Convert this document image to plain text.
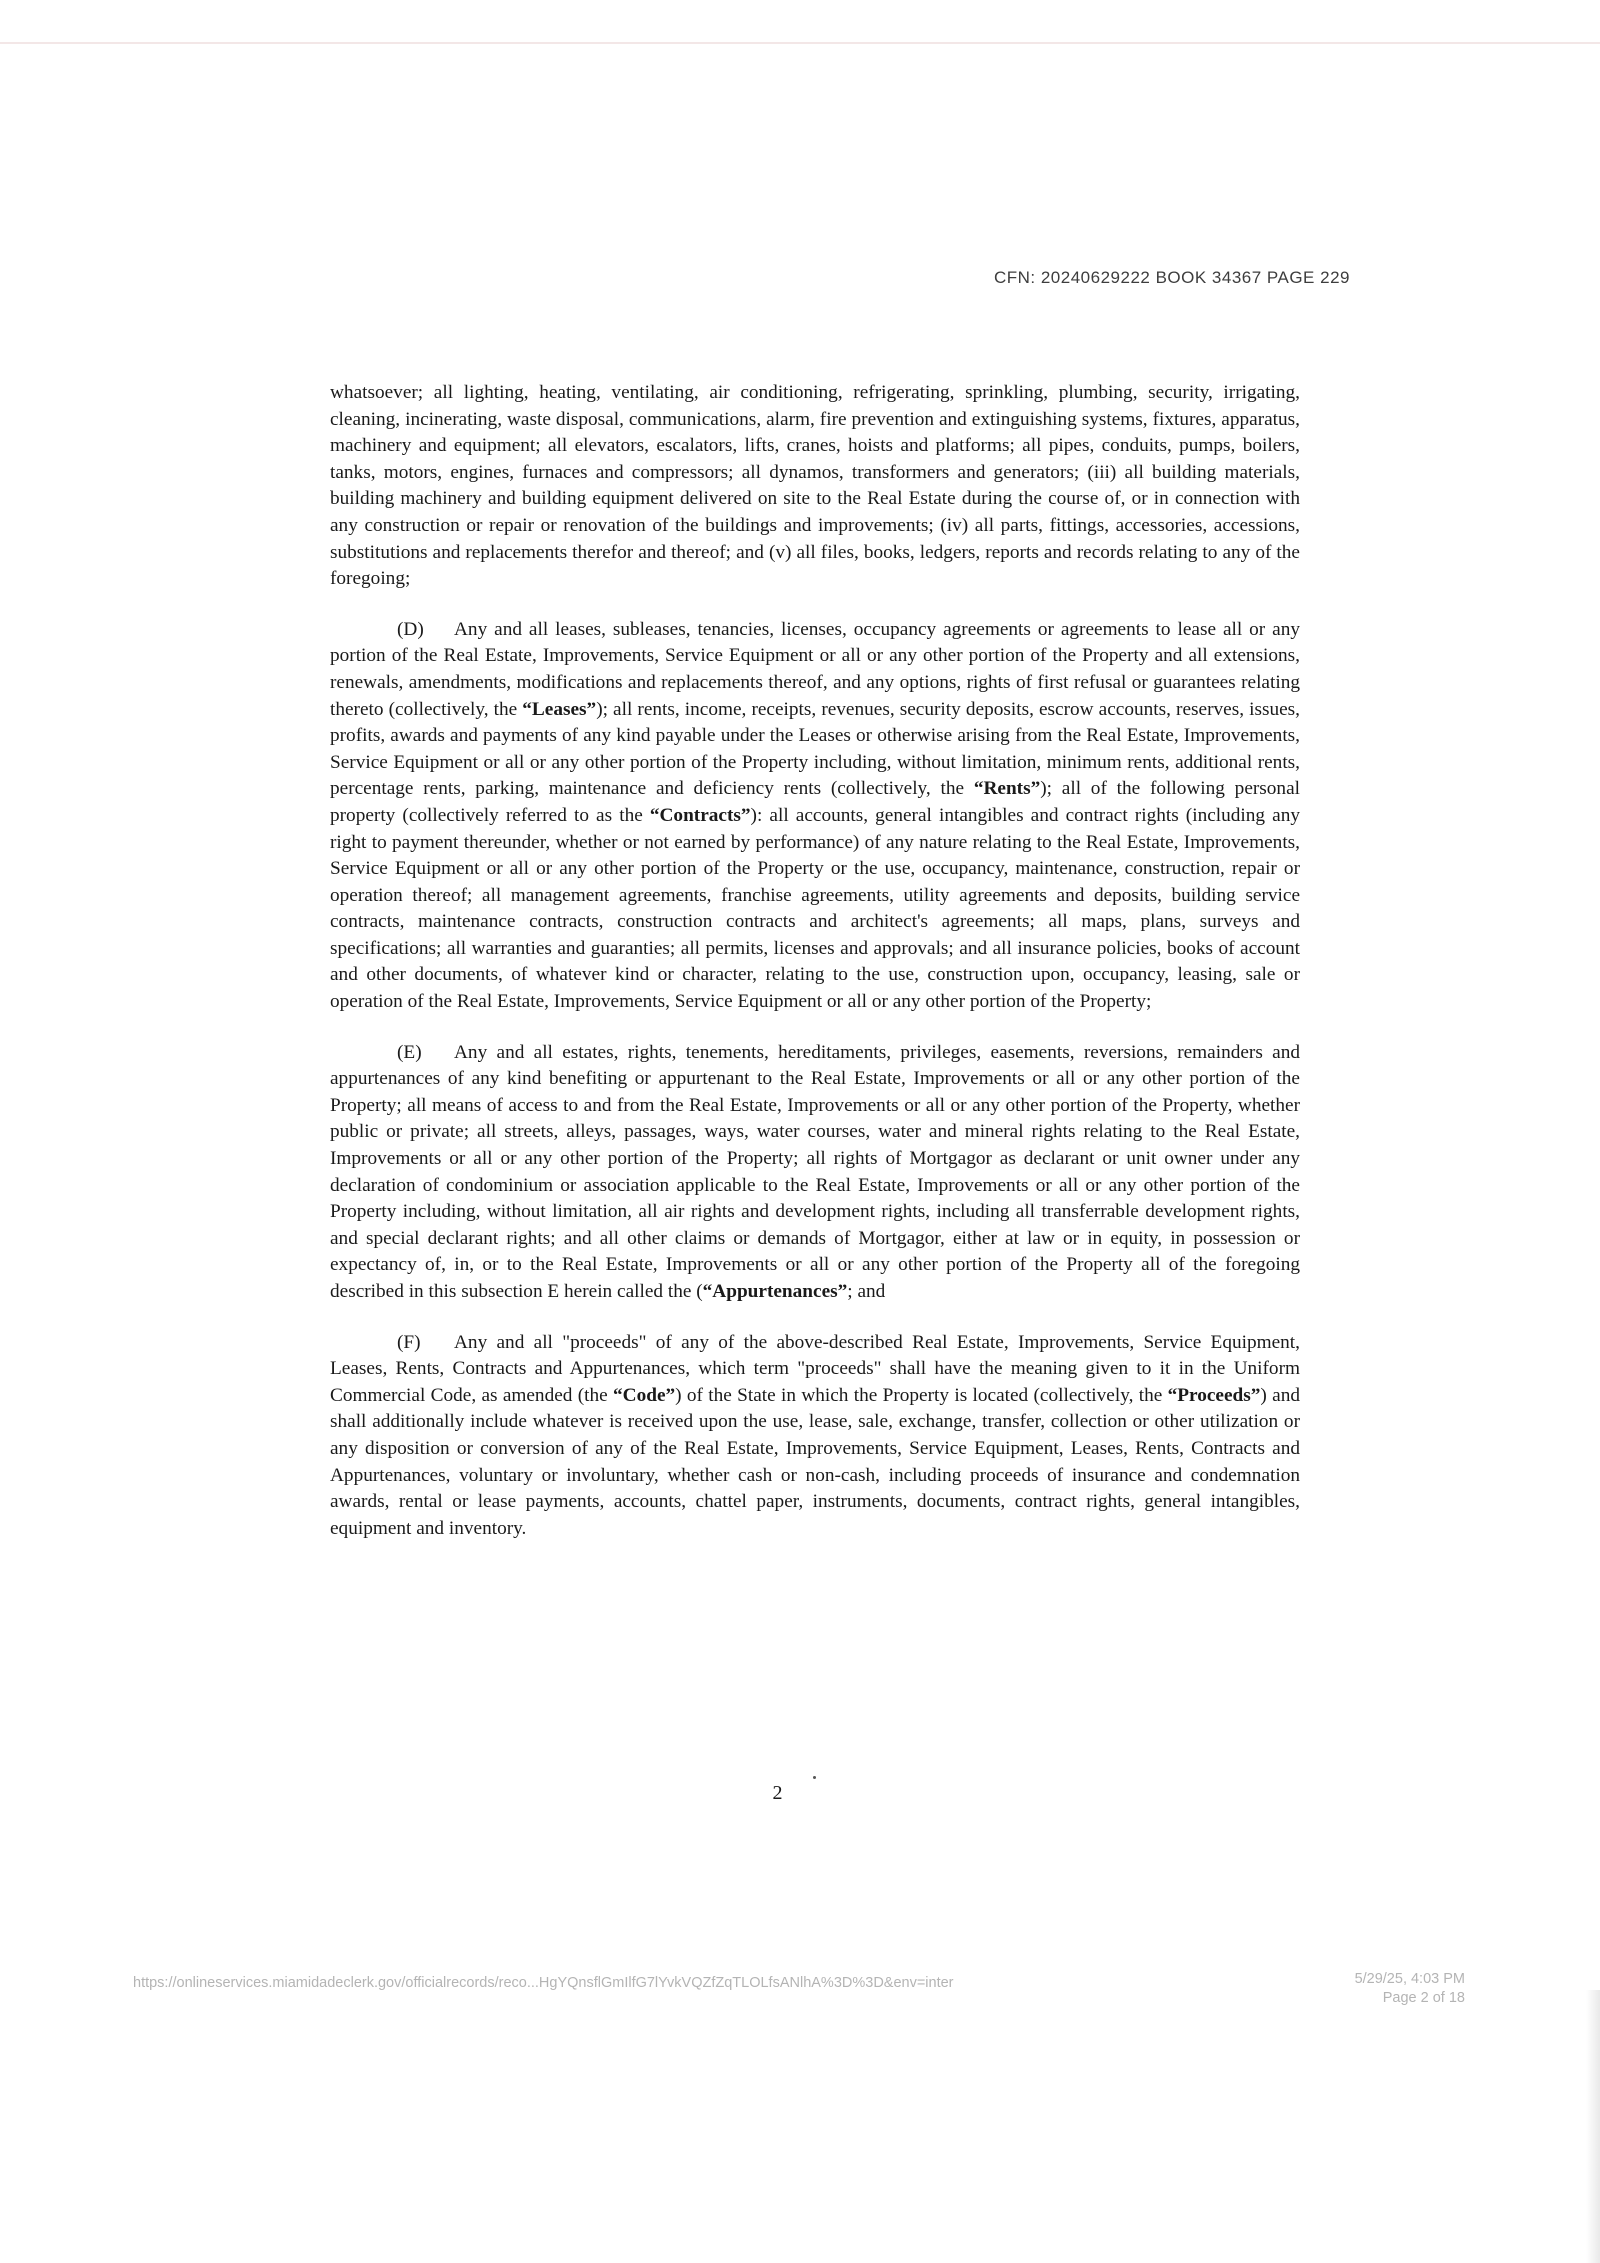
CFN: 20240629222 BOOK 34367 PAGE 229

whatsoever; all lighting, heating, ventilating, air conditioning, refrigerating, sprinkling, plumbing, security, irrigating, cleaning, incinerating, waste disposal, communications, alarm, fire prevention and extinguishing systems, fixtures, apparatus, machinery and equipment; all elevators, escalators, lifts, cranes, hoists and platforms; all pipes, conduits, pumps, boilers, tanks, motors, engines, furnaces and compressors; all dynamos, transformers and generators; (iii) all building materials, building machinery and building equipment delivered on site to the Real Estate during the course of, or in connection with any construction or repair or renovation of the buildings and improvements; (iv) all parts, fittings, accessories, accessions, substitutions and replacements therefor and thereof; and (v) all files, books, ledgers, reports and records relating to any of the foregoing;

(D) Any and all leases, subleases, tenancies, licenses, occupancy agreements or agreements to lease all or any portion of the Real Estate, Improvements, Service Equipment or all or any other portion of the Property and all extensions, renewals, amendments, modifications and replacements thereof, and any options, rights of first refusal or guarantees relating thereto (collectively, the “Leases”); all rents, income, receipts, revenues, security deposits, escrow accounts, reserves, issues, profits, awards and payments of any kind payable under the Leases or otherwise arising from the Real Estate, Improvements, Service Equipment or all or any other portion of the Property including, without limitation, minimum rents, additional rents, percentage rents, parking, maintenance and deficiency rents (collectively, the “Rents”); all of the following personal property (collectively referred to as the “Contracts”): all accounts, general intangibles and contract rights (including any right to payment thereunder, whether or not earned by performance) of any nature relating to the Real Estate, Improvements, Service Equipment or all or any other portion of the Property or the use, occupancy, maintenance, construction, repair or operation thereof; all management agreements, franchise agreements, utility agreements and deposits, building service contracts, maintenance contracts, construction contracts and architect's agreements; all maps, plans, surveys and specifications; all warranties and guaranties; all permits, licenses and approvals; and all insurance policies, books of account and other documents, of whatever kind or character, relating to the use, construction upon, occupancy, leasing, sale or operation of the Real Estate, Improvements, Service Equipment or all or any other portion of the Property;

(E) Any and all estates, rights, tenements, hereditaments, privileges, easements, reversions, remainders and appurtenances of any kind benefiting or appurtenant to the Real Estate, Improvements or all or any other portion of the Property; all means of access to and from the Real Estate, Improvements or all or any other portion of the Property, whether public or private; all streets, alleys, passages, ways, water courses, water and mineral rights relating to the Real Estate, Improvements or all or any other portion of the Property; all rights of Mortgagor as declarant or unit owner under any declaration of condominium or association applicable to the Real Estate, Improvements or all or any other portion of the Property including, without limitation, all air rights and development rights, including all transferrable development rights, and special declarant rights; and all other claims or demands of Mortgagor, either at law or in equity, in possession or expectancy of, in, or to the Real Estate, Improvements or all or any other portion of the Property all of the foregoing described in this subsection E herein called the (“Appurtenances”; and

(F) Any and all "proceeds" of any of the above-described Real Estate, Improvements, Service Equipment, Leases, Rents, Contracts and Appurtenances, which term "proceeds" shall have the meaning given to it in the Uniform Commercial Code, as amended (the “Code”) of the State in which the Property is located (collectively, the “Proceeds”) and shall additionally include whatever is received upon the use, lease, sale, exchange, transfer, collection or other utilization or any disposition or conversion of any of the Real Estate, Improvements, Service Equipment, Leases, Rents, Contracts and Appurtenances, voluntary or involuntary, whether cash or non-cash, including proceeds of insurance and condemnation awards, rental or lease payments, accounts, chattel paper, instruments, documents, contract rights, general intangibles, equipment and inventory.

2
https://onlineservices.miamidadeclerk.gov/officialrecords/reco...HgYQnsflGmIlfG7lYvkVQZfZqTLOLfsANlhA%3D%3D&env=inter	5/29/25, 4:03 PM
Page 2 of 18
